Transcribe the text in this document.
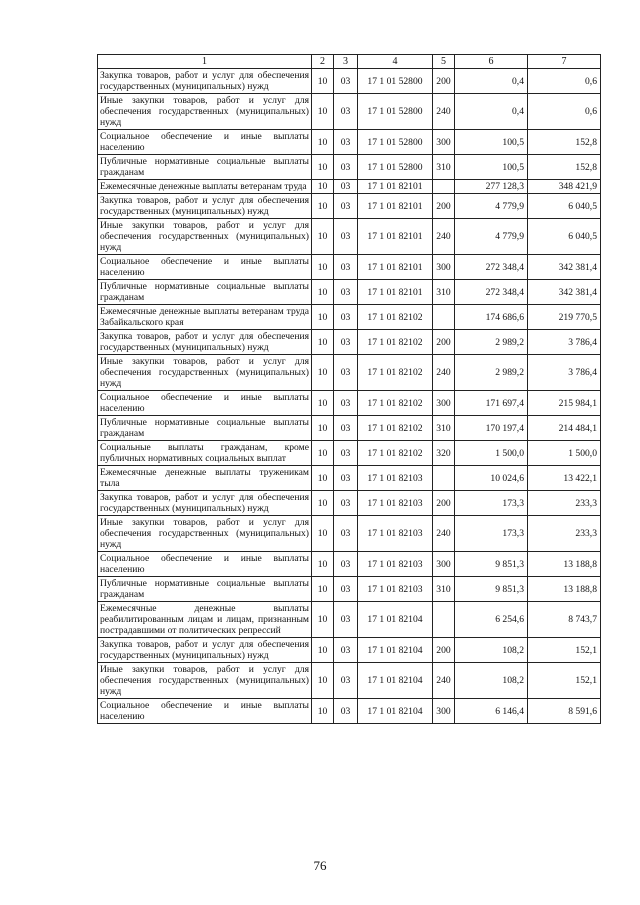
1	2	3	4	5	6	7
Закупка товаров, работ и услуг для обеспечения государственных (муниципальных) нужд	10	03	17 1 01 52800	200	0,4	0,6
Иные закупки товаров, работ и услуг для обеспечения государственных (муниципальных) нужд	10	03	17 1 01 52800	240	0,4	0,6
Социальное обеспечение и иные выплаты населению	10	03	17 1 01 52800	300	100,5	152,8
Публичные нормативные социальные выплаты гражданам	10	03	17 1 01 52800	310	100,5	152,8
Ежемесячные денежные выплаты ветеранам труда	10	03	17 1 01 82101		277 128,3	348 421,9
Закупка товаров, работ и услуг для обеспечения государственных (муниципальных) нужд	10	03	17 1 01 82101	200	4 779,9	6 040,5
Иные закупки товаров, работ и услуг для обеспечения государственных (муниципальных) нужд	10	03	17 1 01 82101	240	4 779,9	6 040,5
Социальное обеспечение и иные выплаты населению	10	03	17 1 01 82101	300	272 348,4	342 381,4
Публичные нормативные социальные выплаты гражданам	10	03	17 1 01 82101	310	272 348,4	342 381,4
Ежемесячные денежные выплаты ветеранам труда Забайкальского края	10	03	17 1 01 82102		174 686,6	219 770,5
Закупка товаров, работ и услуг для обеспечения государственных (муниципальных) нужд	10	03	17 1 01 82102	200	2 989,2	3 786,4
Иные закупки товаров, работ и услуг для обеспечения государственных (муниципальных) нужд	10	03	17 1 01 82102	240	2 989,2	3 786,4
Социальное обеспечение и иные выплаты населению	10	03	17 1 01 82102	300	171 697,4	215 984,1
Публичные нормативные социальные выплаты гражданам	10	03	17 1 01 82102	310	170 197,4	214 484,1
Социальные выплаты гражданам, кроме публичных нормативных социальных выплат	10	03	17 1 01 82102	320	1 500,0	1 500,0
Ежемесячные денежные выплаты труженикам тыла	10	03	17 1 01 82103		10 024,6	13 422,1
Закупка товаров, работ и услуг для обеспечения государственных (муниципальных) нужд	10	03	17 1 01 82103	200	173,3	233,3
Иные закупки товаров, работ и услуг для обеспечения государственных (муниципальных) нужд	10	03	17 1 01 82103	240	173,3	233,3
Социальное обеспечение и иные выплаты населению	10	03	17 1 01 82103	300	9 851,3	13 188,8
Публичные нормативные социальные выплаты гражданам	10	03	17 1 01 82103	310	9 851,3	13 188,8
Ежемесячные денежные выплаты реабилитированным лицам и лицам, признанным пострадавшими от политических репрессий	10	03	17 1 01 82104		6 254,6	8 743,7
Закупка товаров, работ и услуг для обеспечения государственных (муниципальных) нужд	10	03	17 1 01 82104	200	108,2	152,1
Иные закупки товаров, работ и услуг для обеспечения государственных (муниципальных) нужд	10	03	17 1 01 82104	240	108,2	152,1
Социальное обеспечение и иные выплаты населению	10	03	17 1 01 82104	300	6 146,4	8 591,6
76
